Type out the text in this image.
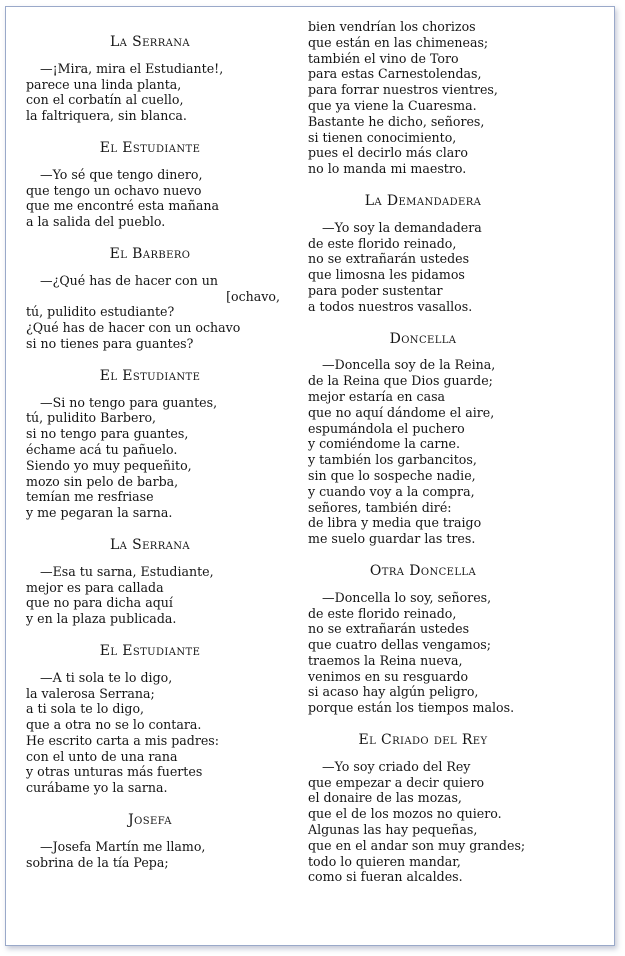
La Serrana
—¡Mira, mira el Estudiante!,
parece una linda planta,
con el corbatín al cuello,
la faltriquera, sin blanca.
El Estudiante
—Yo sé que tengo dinero,
que tengo un ochavo nuevo
que me encontré esta mañana
a la salida del pueblo.
El Barbero
—¿Qué has de hacer con un
[ochavo,
tú, pulidito estudiante?
¿Qué has de hacer con un ochavo
si no tienes para guantes?
El Estudiante
—Si no tengo para guantes,
tú, pulidito Barbero,
si no tengo para guantes,
échame acá tu pañuelo.
Siendo yo muy pequeñito,
mozo sin pelo de barba,
temían me resfriase
y me pegaran la sarna.
La Serrana
—Esa tu sarna, Estudiante,
mejor es para callada
que no para dicha aquí
y en la plaza publicada.
El Estudiante
—A ti sola te lo digo,
la valerosa Serrana;
a ti sola te lo digo,
que a otra no se lo contara.
He escrito carta a mis padres:
con el unto de una rana
y otras unturas más fuertes
curábame yo la sarna.
Josefa
—Josefa Martín me llamo,
sobrina de la tía Pepa;
bien vendrían los chorizos
que están en las chimeneas;
también el vino de Toro
para estas Carnestolendas,
para forrar nuestros vientres,
que ya viene la Cuaresma.
Bastante he dicho, señores,
si tienen conocimiento,
pues el decirlo más claro
no lo manda mi maestro.
La Demandadera
—Yo soy la demandadera
de este florido reinado,
no se extrañarán ustedes
que limosna les pidamos
para poder sustentar
a todos nuestros vasallos.
Doncella
—Doncella soy de la Reina,
de la Reina que Dios guarde;
mejor estaría en casa
que no aquí dándome el aire,
espumándola el puchero
y comiéndome la carne.
y también los garbancitos,
sin que lo sospeche nadie,
y cuando voy a la compra,
señores, también diré:
de libra y media que traigo
me suelo guardar las tres.
Otra Doncella
—Doncella lo soy, señores,
de este florido reinado,
no se extrañarán ustedes
que cuatro dellas vengamos;
traemos la Reina nueva,
venimos en su resguardo
si acaso hay algún peligro,
porque están los tiempos malos.
El Criado del Rey
—Yo soy criado del Rey
que empezar a decir quiero
el donaire de las mozas,
que el de los mozos no quiero.
Algunas las hay pequeñas,
que en el andar son muy grandes;
todo lo quieren mandar,
como si fueran alcaldes.
